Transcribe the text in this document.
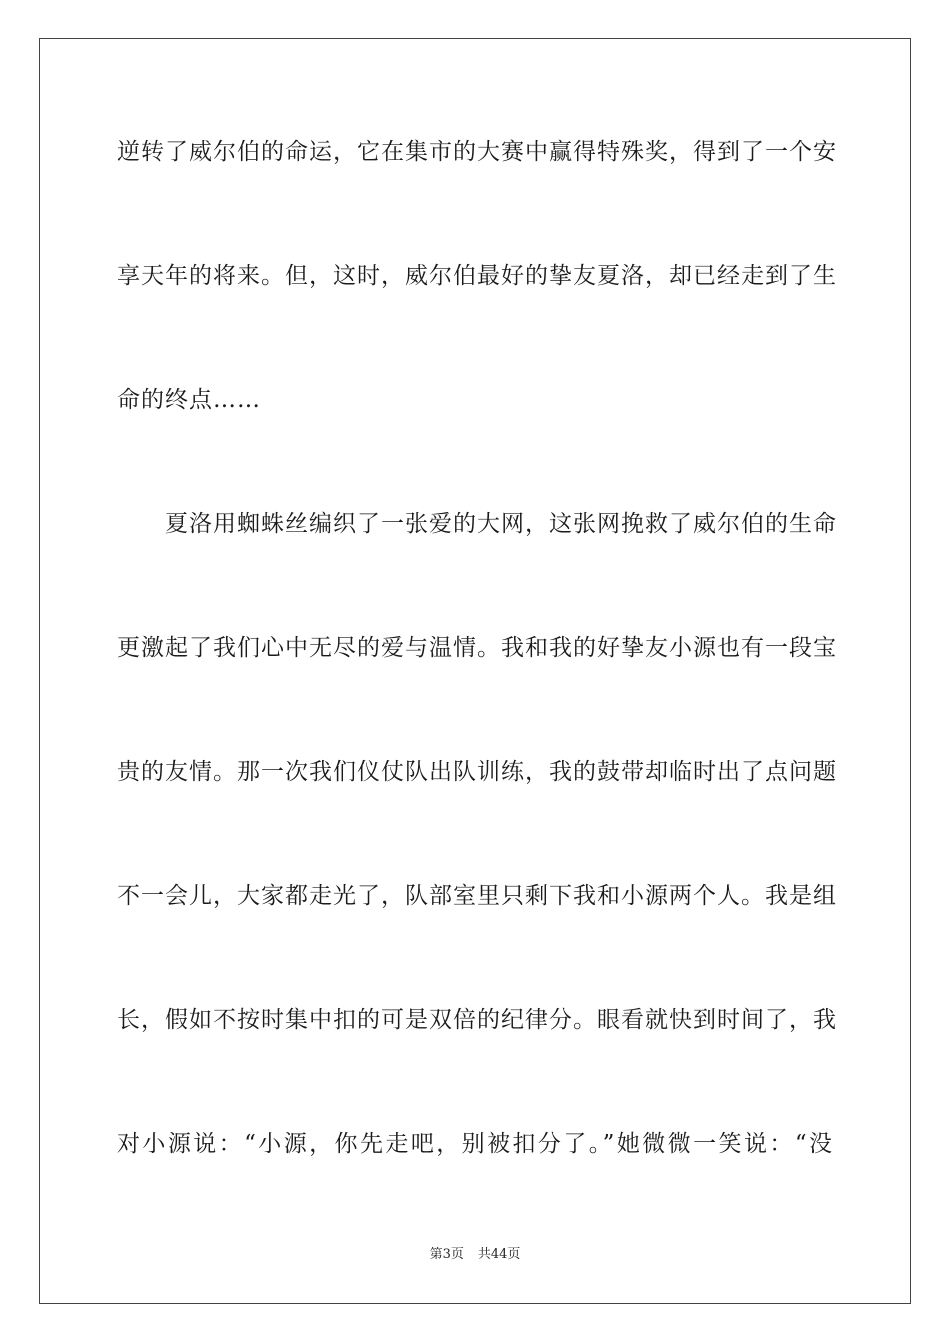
逆转了威尔伯的命运，它在集市的大赛中赢得特殊奖，得到了一个安
享天年的将来。但，这时，威尔伯最好的挚友夏洛，却已经走到了生
命的终点……
夏洛用蜘蛛丝编织了一张爱的大网，这张网挽救了威尔伯的生命
更激起了我们心中无尽的爱与温情。我和我的好挚友小源也有一段宝
贵的友情。那一次我们仪仗队出队训练，我的鼓带却临时出了点问题
不一会儿，大家都走光了，队部室里只剩下我和小源两个人。我是组
长，假如不按时集中扣的可是双倍的纪律分。眼看就快到时间了，我
对小源说：“小源，你先走吧，别被扣分了。”她微微一笑说：“没
第3页 共44页
